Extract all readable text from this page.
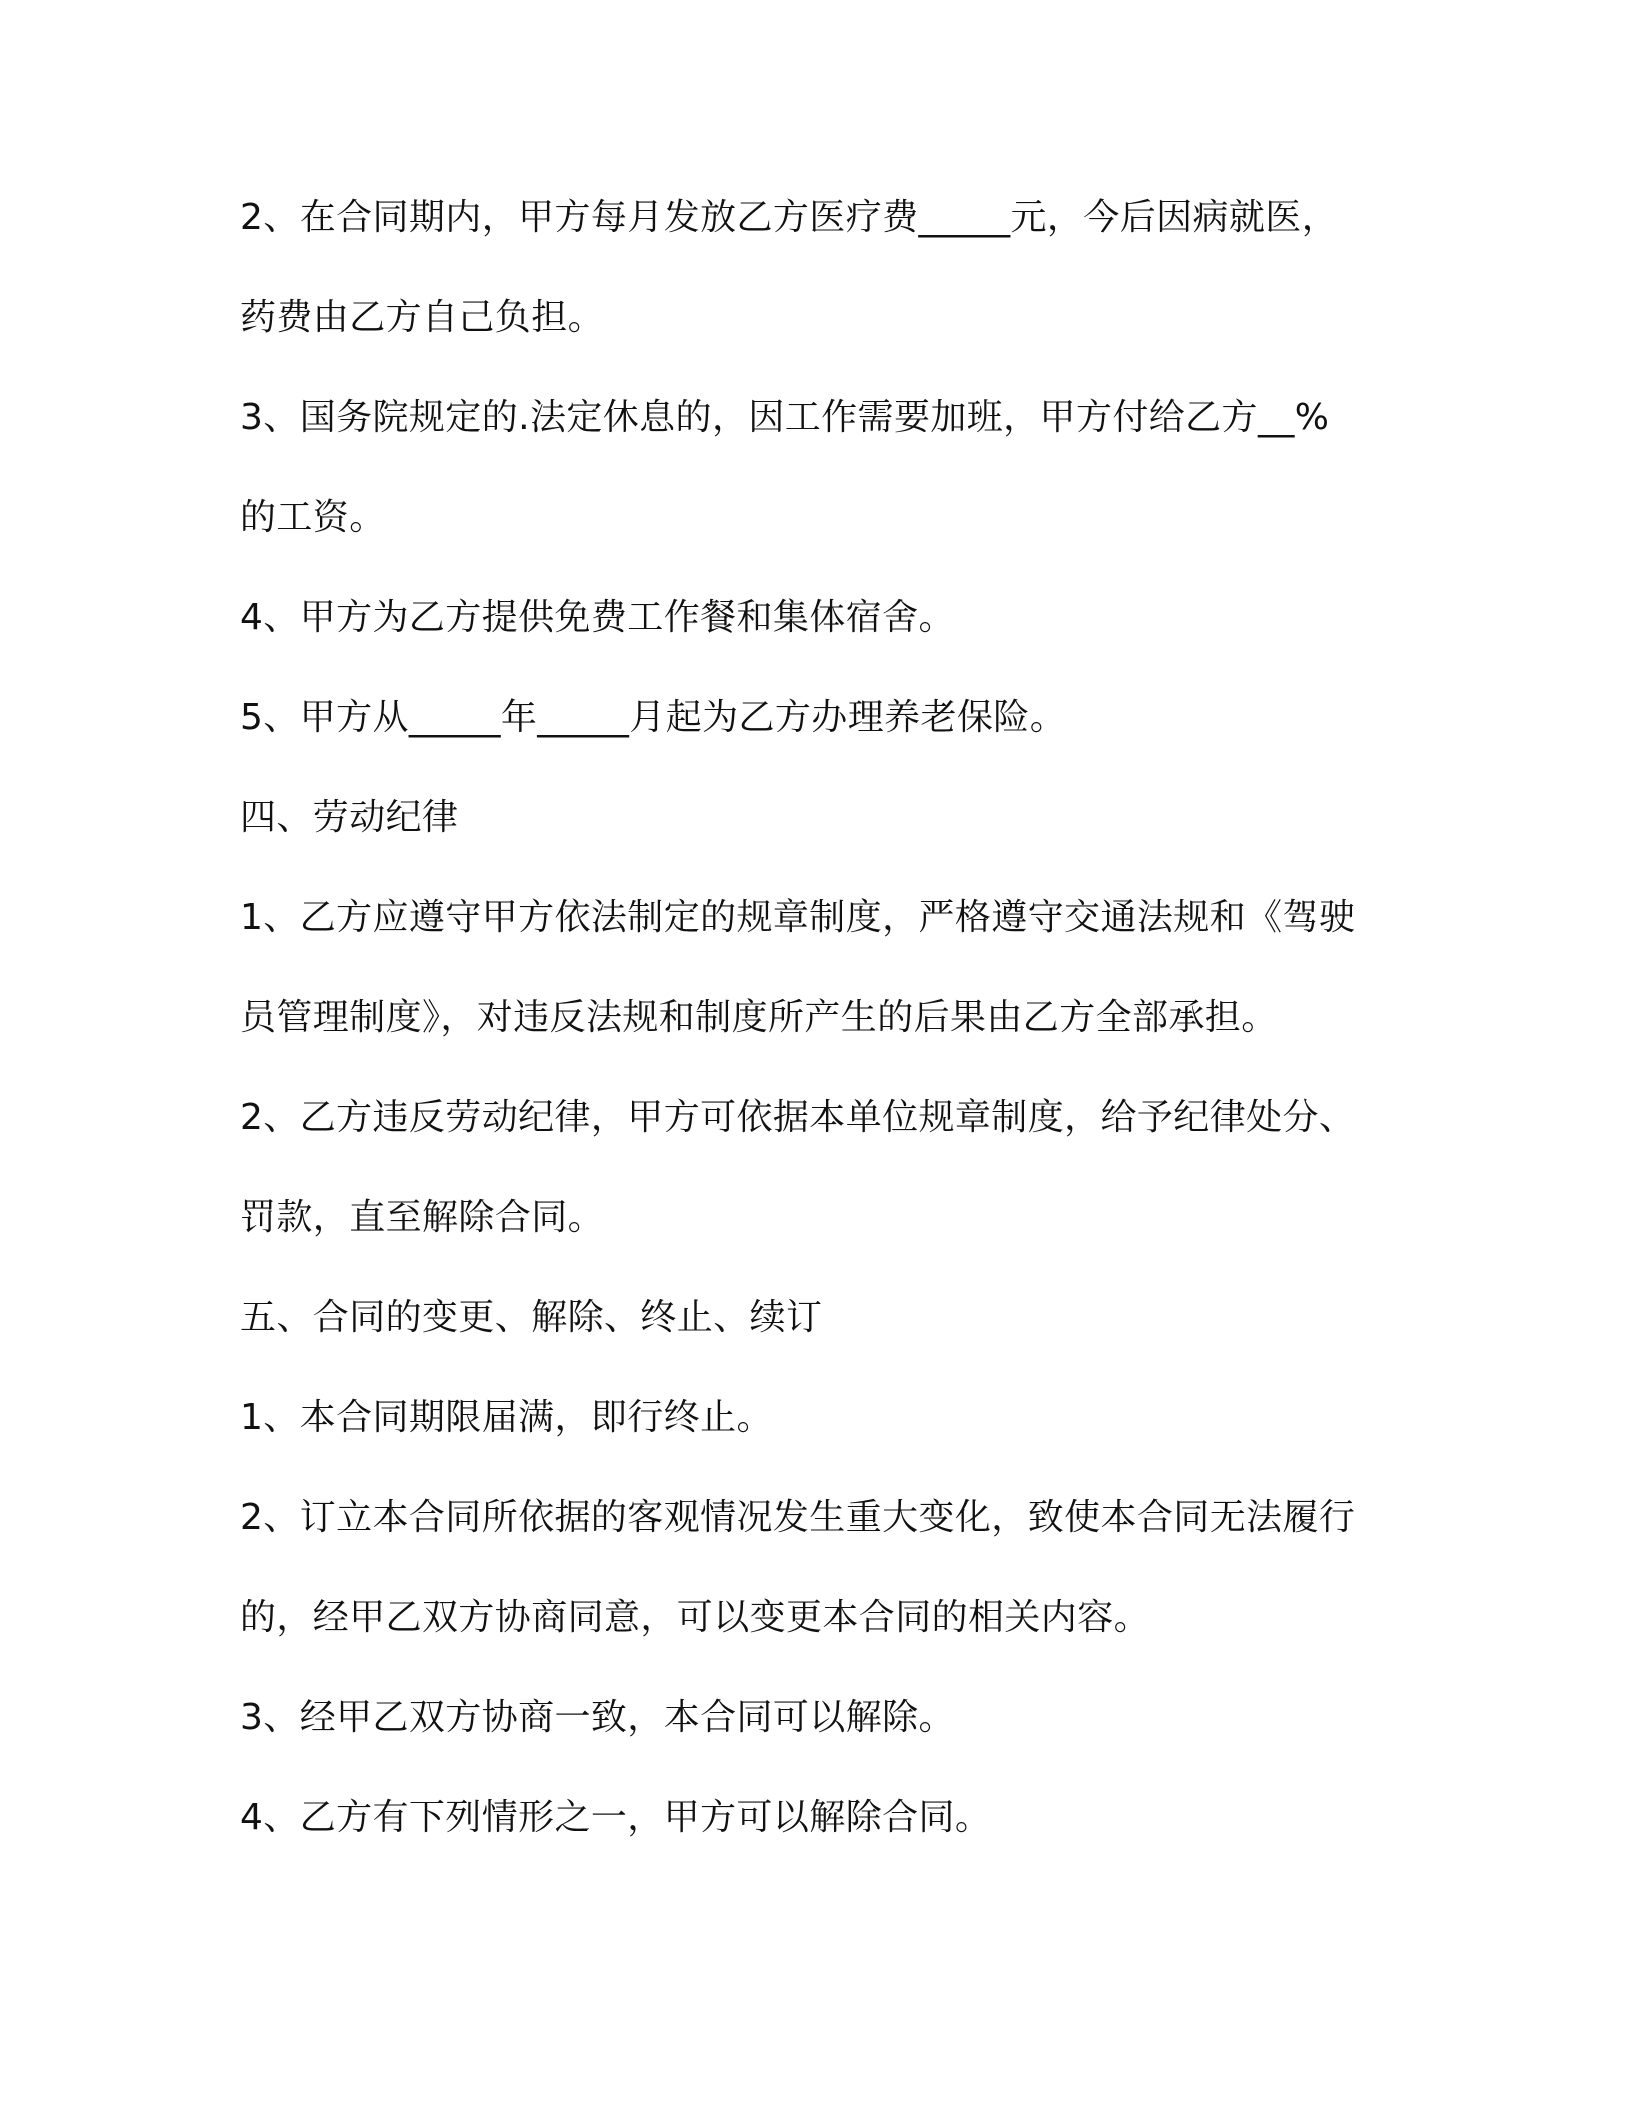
2、在合同期内，甲方每月发放乙方医疗费_____元，今后因病就医，
药费由乙方自己负担。
3、国务院规定的.法定休息的，因工作需要加班，甲方付给乙方__%
的工资。
4、甲方为乙方提供免费工作餐和集体宿舍。
5、甲方从_____年_____月起为乙方办理养老保险。
四、劳动纪律
1、乙方应遵守甲方依法制定的规章制度，严格遵守交通法规和《驾驶
员管理制度》，对违反法规和制度所产生的后果由乙方全部承担。
2、乙方违反劳动纪律，甲方可依据本单位规章制度，给予纪律处分、
罚款，直至解除合同。
五、合同的变更、解除、终止、续订
1、本合同期限届满，即行终止。
2、订立本合同所依据的客观情况发生重大变化，致使本合同无法履行
的，经甲乙双方协商同意，可以变更本合同的相关内容。
3、经甲乙双方协商一致，本合同可以解除。
4、乙方有下列情形之一，甲方可以解除合同。
